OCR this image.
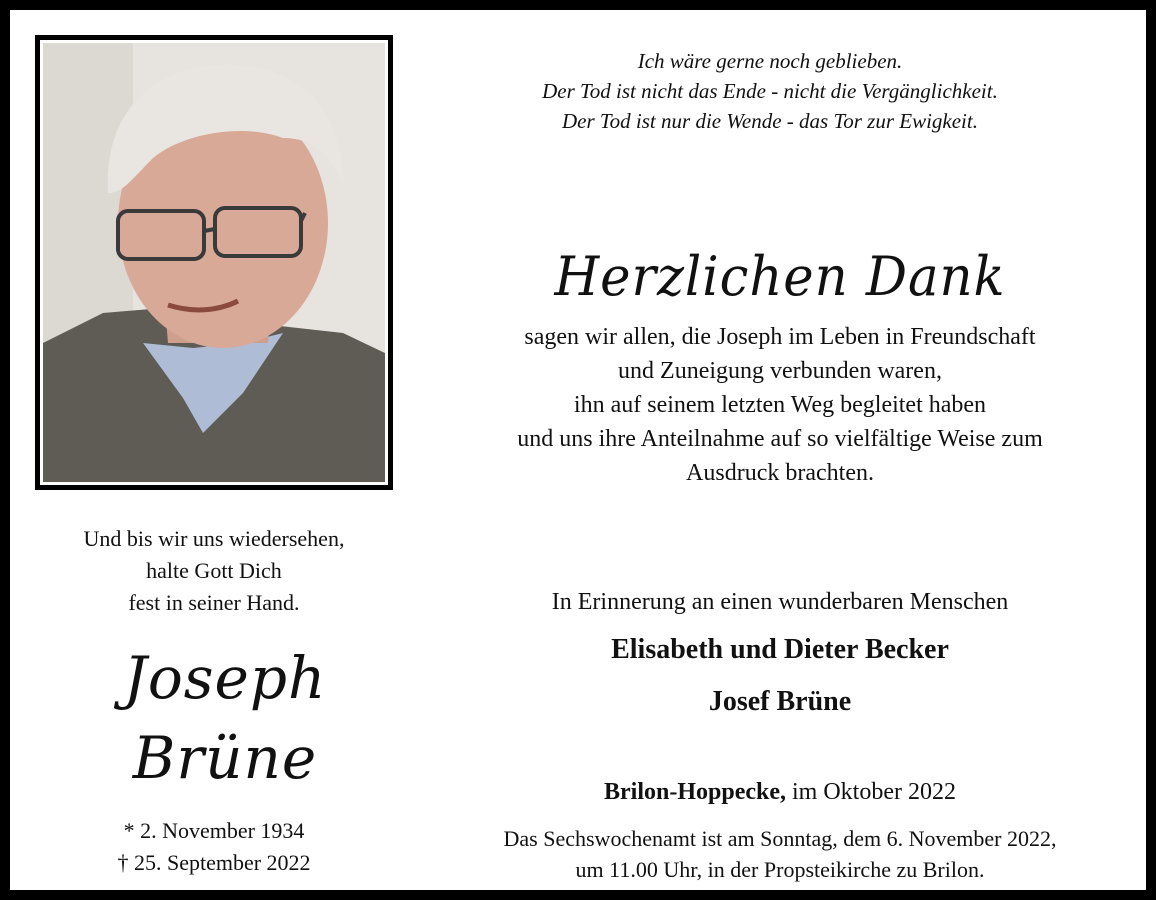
Ich wäre gerne noch geblieben.
Der Tod ist nicht das Ende - nicht die Vergänglichkeit.
Der Tod ist nur die Wende - das Tor zur Ewigkeit.
Herzlichen Dank
sagen wir allen, die Joseph im Leben in Freundschaft
und Zuneigung verbunden waren,
ihn auf seinem letzten Weg begleitet haben
und uns ihre Anteilnahme auf so vielfältige Weise zum
Ausdruck brachten.
Und bis wir uns wiedersehen,
halte Gott Dich
fest in seiner Hand.
Joseph
Brüne
* 2. November 1934
† 25. September 2022
In Erinnerung an einen wunderbaren Menschen
Elisabeth und Dieter Becker
Josef Brüne
Brilon-Hoppecke, im Oktober 2022
Das Sechswochenamt ist am Sonntag, dem 6. November 2022,
um 11.00 Uhr, in der Propsteikirche zu Brilon.
